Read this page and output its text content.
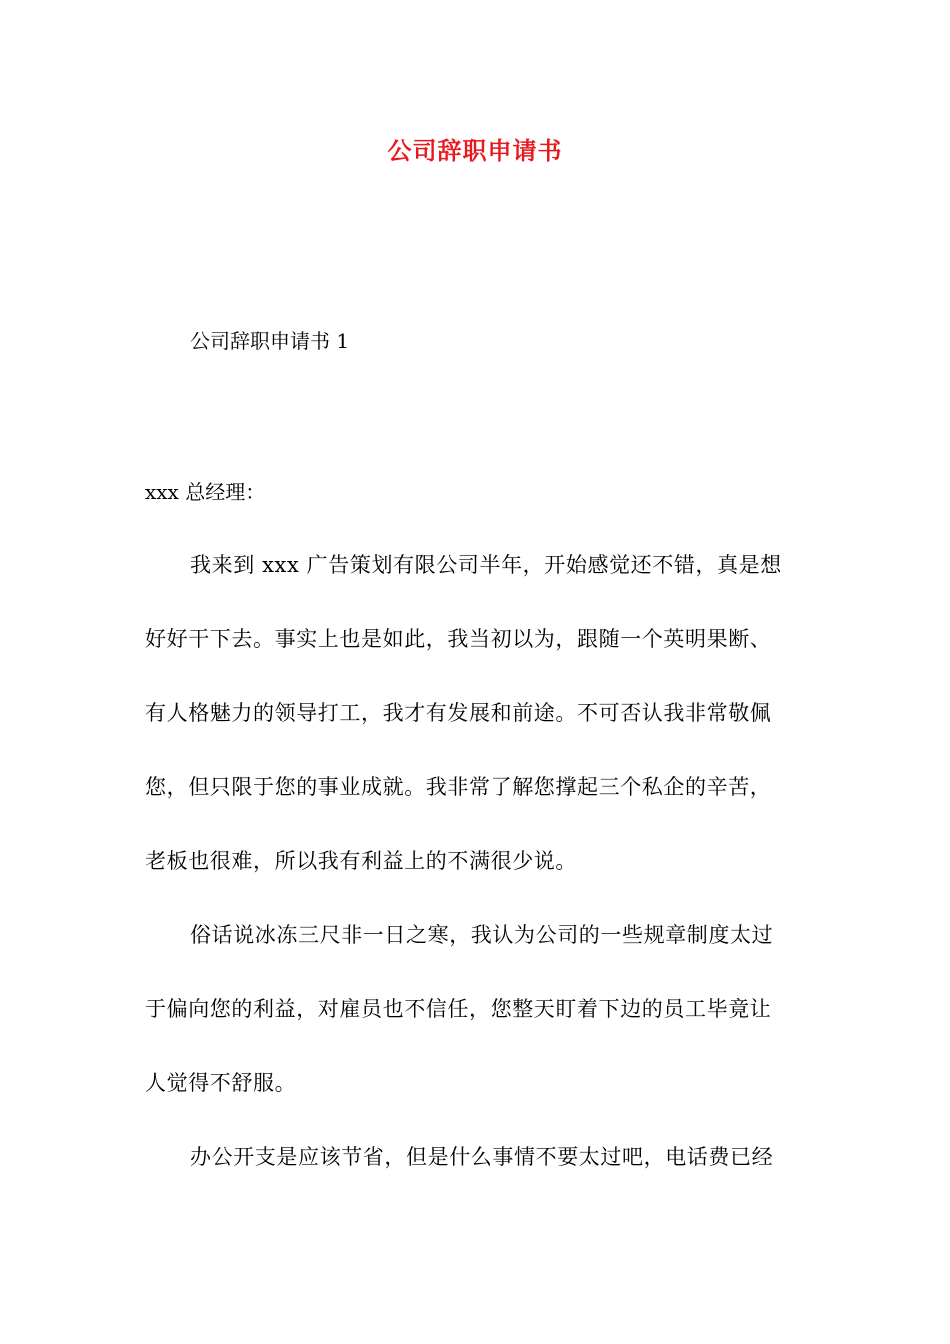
公司辞职申请书
公司辞职申请书 1
xxx 总经理：
我来到 xxx 广告策划有限公司半年，开始感觉还不错，真是想
好好干下去。事实上也是如此，我当初以为，跟随一个英明果断、
有人格魅力的领导打工，我才有发展和前途。不可否认我非常敬佩
您，但只限于您的事业成就。我非常了解您撑起三个私企的辛苦，
老板也很难，所以我有利益上的不满很少说。
俗话说冰冻三尺非一日之寒，我认为公司的一些规章制度太过
于偏向您的利益，对雇员也不信任，您整天盯着下边的员工毕竟让
人觉得不舒服。
办公开支是应该节省，但是什么事情不要太过吧，电话费已经
